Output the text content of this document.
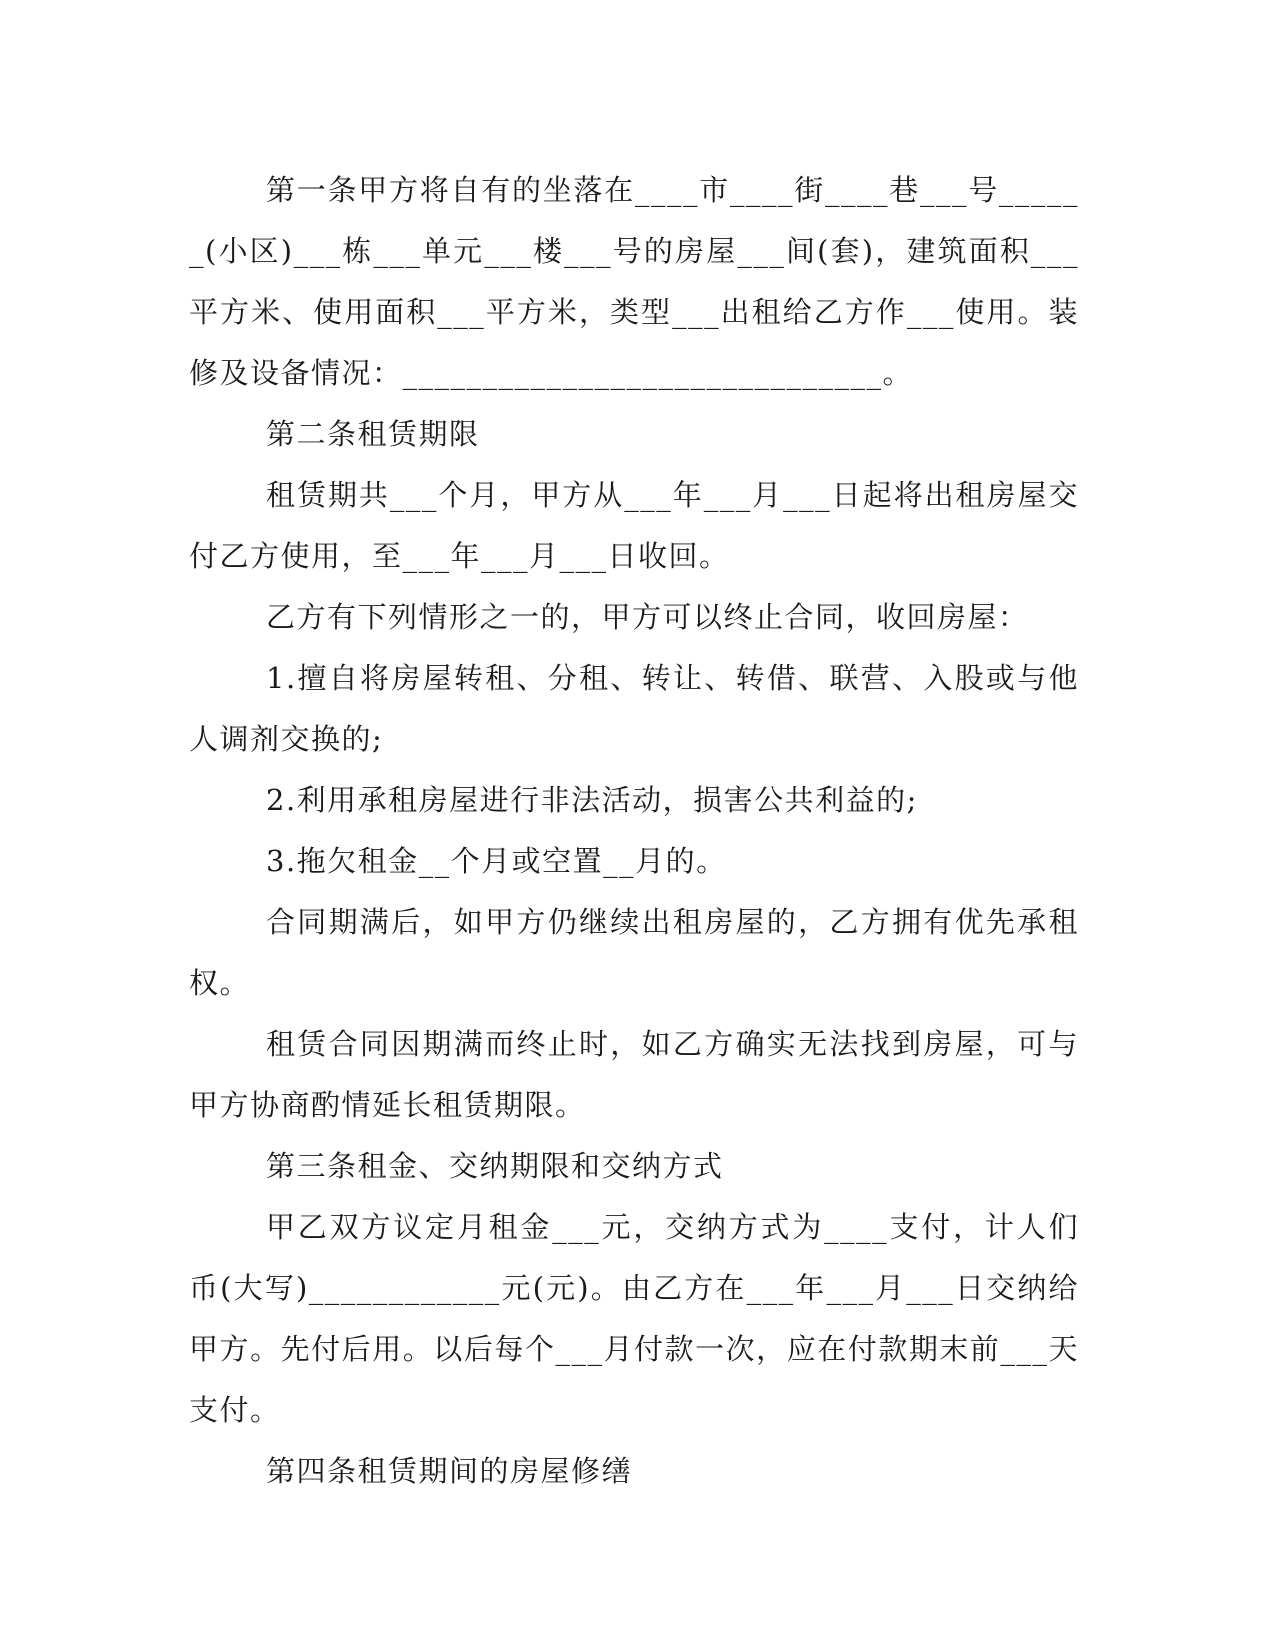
第一条甲方将自有的坐落在____市____街____巷___号______(小区)___栋___单元___楼___号的房屋___间(套)，建筑面积___平方米、使用面积___平方米，类型___出租给乙方作___使用。装修及设备情况：______________________________。

第二条租赁期限

租赁期共___个月，甲方从___年___月___日起将出租房屋交付乙方使用，至___年___月___日收回。

乙方有下列情形之一的，甲方可以终止合同，收回房屋：

1.擅自将房屋转租、分租、转让、转借、联营、入股或与他人调剂交换的;

2.利用承租房屋进行非法活动，损害公共利益的;

3.拖欠租金__个月或空置__月的。

合同期满后，如甲方仍继续出租房屋的，乙方拥有优先承租权。

租赁合同因期满而终止时，如乙方确实无法找到房屋，可与甲方协商酌情延长租赁期限。

第三条租金、交纳期限和交纳方式

甲乙双方议定月租金___元，交纳方式为____支付，计人们币(大写)____________元(元)。由乙方在___年___月___日交纳给甲方。先付后用。以后每个___月付款一次，应在付款期末前___天支付。

第四条租赁期间的房屋修缮
